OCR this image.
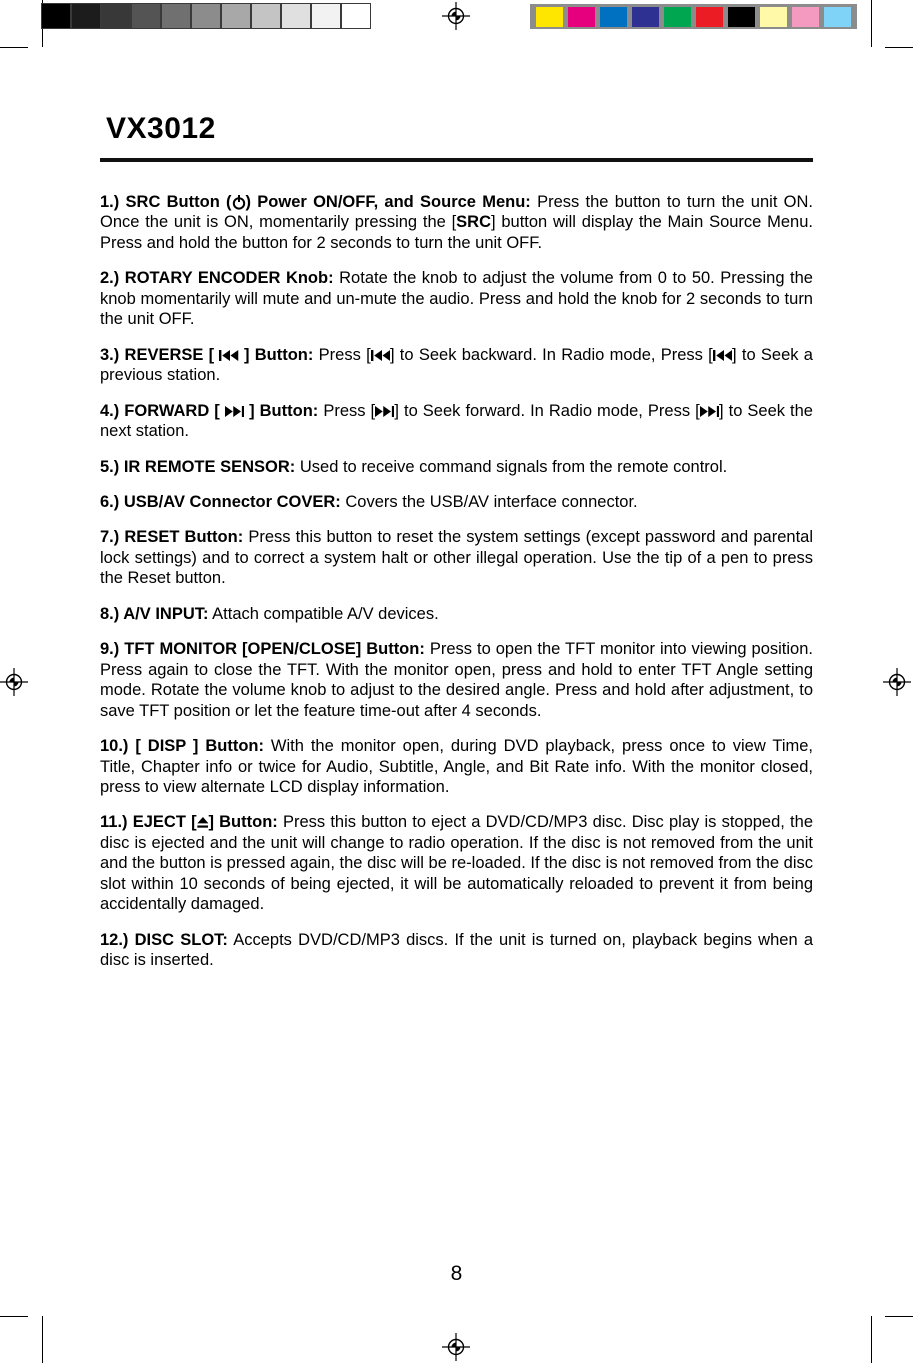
VX3012

1.) SRC Button ( ) Power ON/OFF, and Source Menu: Press the button to turn the unit ON. Once the unit is ON, momentarily pressing the [SRC] button will display the Main Source Menu. Press and hold the button for 2 seconds to turn the unit OFF.

2.) ROTARY ENCODER Knob: Rotate the knob to adjust the volume from 0 to 50. Pressing the knob momentarily will mute and un-mute the audio. Press and hold the knob for 2 seconds to turn the unit OFF.

3.) REVERSE [  ] Button: Press [ ] to Seek backward. In Radio mode, Press [ ] to Seek a previous station.

4.) FORWARD [  ] Button: Press [ ] to Seek forward. In Radio mode, Press [ ] to Seek the next station.

5.) IR REMOTE SENSOR: Used to receive command signals from the remote control.

6.) USB/AV Connector COVER: Covers the USB/AV interface connector.

7.) RESET Button: Press this button to reset the system settings (except password and parental lock settings) and to correct a system halt or other illegal operation. Use the tip of a pen to press the Reset button.

8.) A/V INPUT: Attach compatible A/V devices.

9.) TFT MONITOR [OPEN/CLOSE] Button: Press to open the TFT monitor into viewing position. Press again to close the TFT. With the monitor open, press and hold to enter TFT Angle setting mode. Rotate the volume knob to adjust to the desired angle. Press and hold after adjustment, to save TFT position or let the feature time-out after 4 seconds.

10.) [ DISP ] Button: With the monitor open, during DVD playback, press once to view Time, Title, Chapter info or twice for Audio, Subtitle, Angle, and Bit Rate info. With the monitor closed, press to view alternate LCD display information.

11.) EJECT [ ] Button: Press this button to eject a DVD/CD/MP3 disc. Disc play is stopped, the disc is ejected and the unit will change to radio operation. If the disc is not removed from the unit and the button is pressed again, the disc will be re-loaded. If the disc is not removed from the disc slot within 10 seconds of being ejected, it will be automatically reloaded to prevent it from being accidentally damaged.

12.) DISC SLOT: Accepts DVD/CD/MP3 discs. If the unit is turned on, playback begins when a disc is inserted.

8
